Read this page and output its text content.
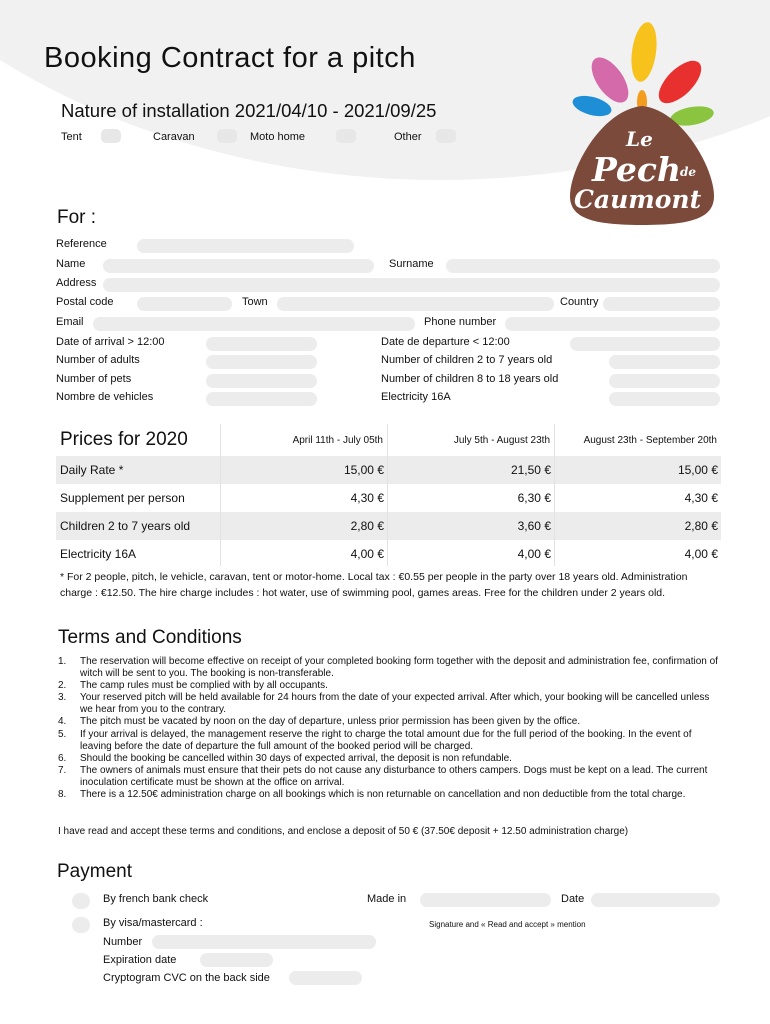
Booking Contract for a pitch
Le
Pech
de
Caumont
Nature of installation 2021/04/10 - 2021/09/25
Tent	Caravan	Moto home	Other
For :
Reference
Name	Surname
Address
Postal code	Town	Country
Email	Phone number
Date of arrival > 12:00	Date de departure < 12:00
Number of adults	Number of children 2 to 7 years old
Number of pets	Number of children 8 to 18 years old
Nombre de vehicles	Electricity 16A
Prices for 2020	April 11th - July 05th	July 5th - August 23th	August 23th - September 20th
Daily Rate *	15,00 €	21,50 €	15,00 €
Supplement per person	4,30 €	6,30 €	4,30 €
Children 2 to 7 years old	2,80 €	3,60 €	2,80 €
Electricity 16A	4,00 €	4,00 €	4,00 €
* For 2 people, pitch, le vehicle, caravan, tent or motor-home. Local tax : €0.55 per people in the party over 18 years old. Administration charge : €12.50. The hire charge includes : hot water, use of swimming pool, games areas. Free for the children under 2 years old.
Terms and Conditions
1. The reservation will become effective on receipt of your completed booking form together with the deposit and administration fee, confirmation of witch will be sent to you. The booking is non-transferable.
2. The camp rules must be complied with by all occupants.
3. Your reserved pitch will be held available for 24 hours from the date of your expected arrival. After which, your booking will be cancelled unless we hear from you to the contrary.
4. The pitch must be vacated by noon on the day of departure, unless prior permission has been given by the office.
5. If your arrival is delayed, the management reserve the right to charge the total amount due for the full period of the booking. In the event of leaving before the date of departure the full amount of the booked period will be charged.
6. Should the booking be cancelled within 30 days of expected arrival, the deposit is non refundable.
7. The owners of animals must ensure that their pets do not cause any disturbance to others campers. Dogs must be kept on a lead. The current inoculation certificate must be shown at the office on arrival.
8. There is a 12.50€ administration charge on all bookings which is non returnable on cancellation and non deductible from the total charge.
I have read and accept these terms and conditions, and enclose a deposit of 50 € (37.50€ deposit + 12.50 administration charge)
Payment
By french bank check	Made in	Date
By visa/mastercard :	Signature and « Read and accept » mention
Number
Expiration date
Cryptogram CVC on the back side
